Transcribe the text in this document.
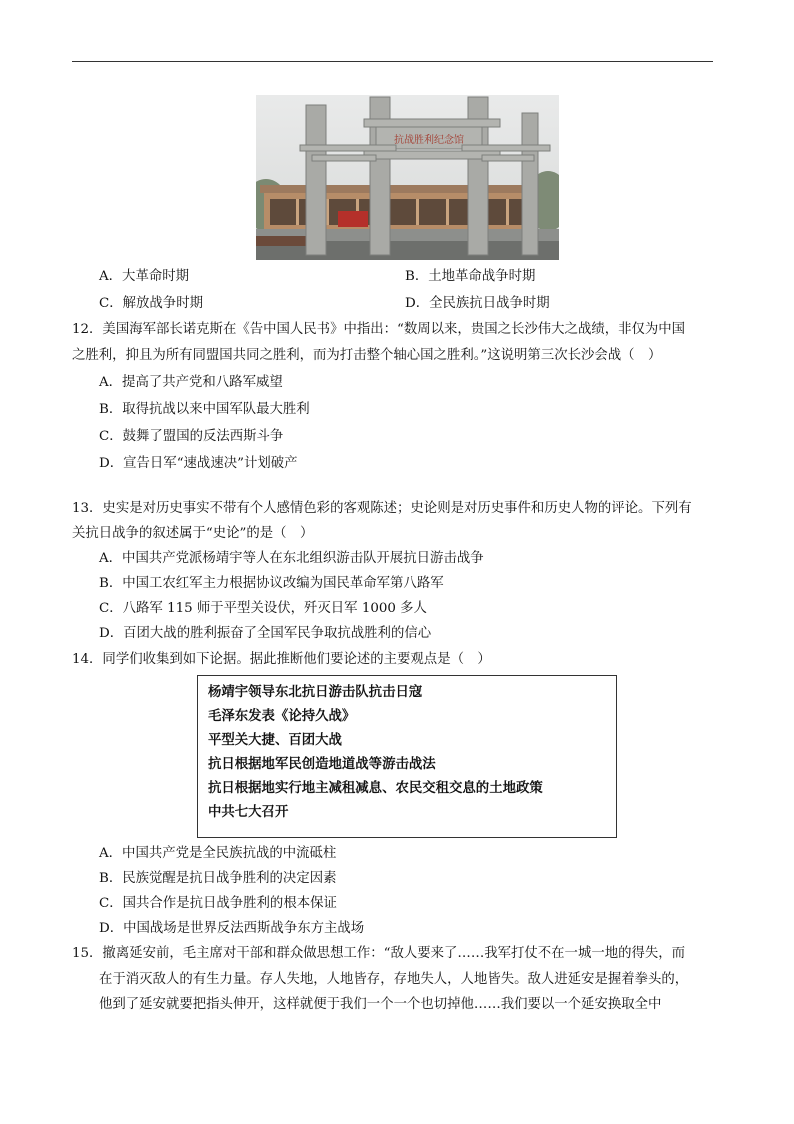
抗战胜利纪念馆
A．大革命时期	B．土地革命战争时期
C．解放战争时期	D．全民族抗日战争时期
12．美国海军部长诺克斯在《告中国人民书》中指出：“数周以来，贵国之长沙伟大之战绩，非仅为中国
之胜利，抑且为所有同盟国共同之胜利，而为打击整个轴心国之胜利。”这说明第三次长沙会战（　）
A．提高了共产党和八路军威望
B．取得抗战以来中国军队最大胜利
C．鼓舞了盟国的反法西斯斗争
D．宣告日军“速战速决”计划破产
13．史实是对历史事实不带有个人感情色彩的客观陈述；史论则是对历史事件和历史人物的评论。下列有
关抗日战争的叙述属于“史论”的是（　）
A．中国共产党派杨靖宇等人在东北组织游击队开展抗日游击战争
B．中国工农红军主力根据协议改编为国民革命军第八路军
C．八路军 115 师于平型关设伏，歼灭日军 1000 多人
D．百团大战的胜利振奋了全国军民争取抗战胜利的信心
14．同学们收集到如下论据。据此推断他们要论述的主要观点是（　）
杨靖宇领导东北抗日游击队抗击日寇
毛泽东发表《论持久战》
平型关大捷、百团大战
抗日根据地军民创造地道战等游击战法
抗日根据地实行地主减租减息、农民交租交息的土地政策
中共七大召开
A．中国共产党是全民族抗战的中流砥柱
B．民族觉醒是抗日战争胜利的决定因素
C．国共合作是抗日战争胜利的根本保证
D．中国战场是世界反法西斯战争东方主战场
15．撤离延安前，毛主席对干部和群众做思想工作：“敌人要来了……我军打仗不在一城一地的得失，而
在于消灭敌人的有生力量。存人失地，人地皆存，存地失人，人地皆失。敌人进延安是握着拳头的，
他到了延安就要把指头伸开，这样就便于我们一个一个也切掉他……我们要以一个延安换取全中
